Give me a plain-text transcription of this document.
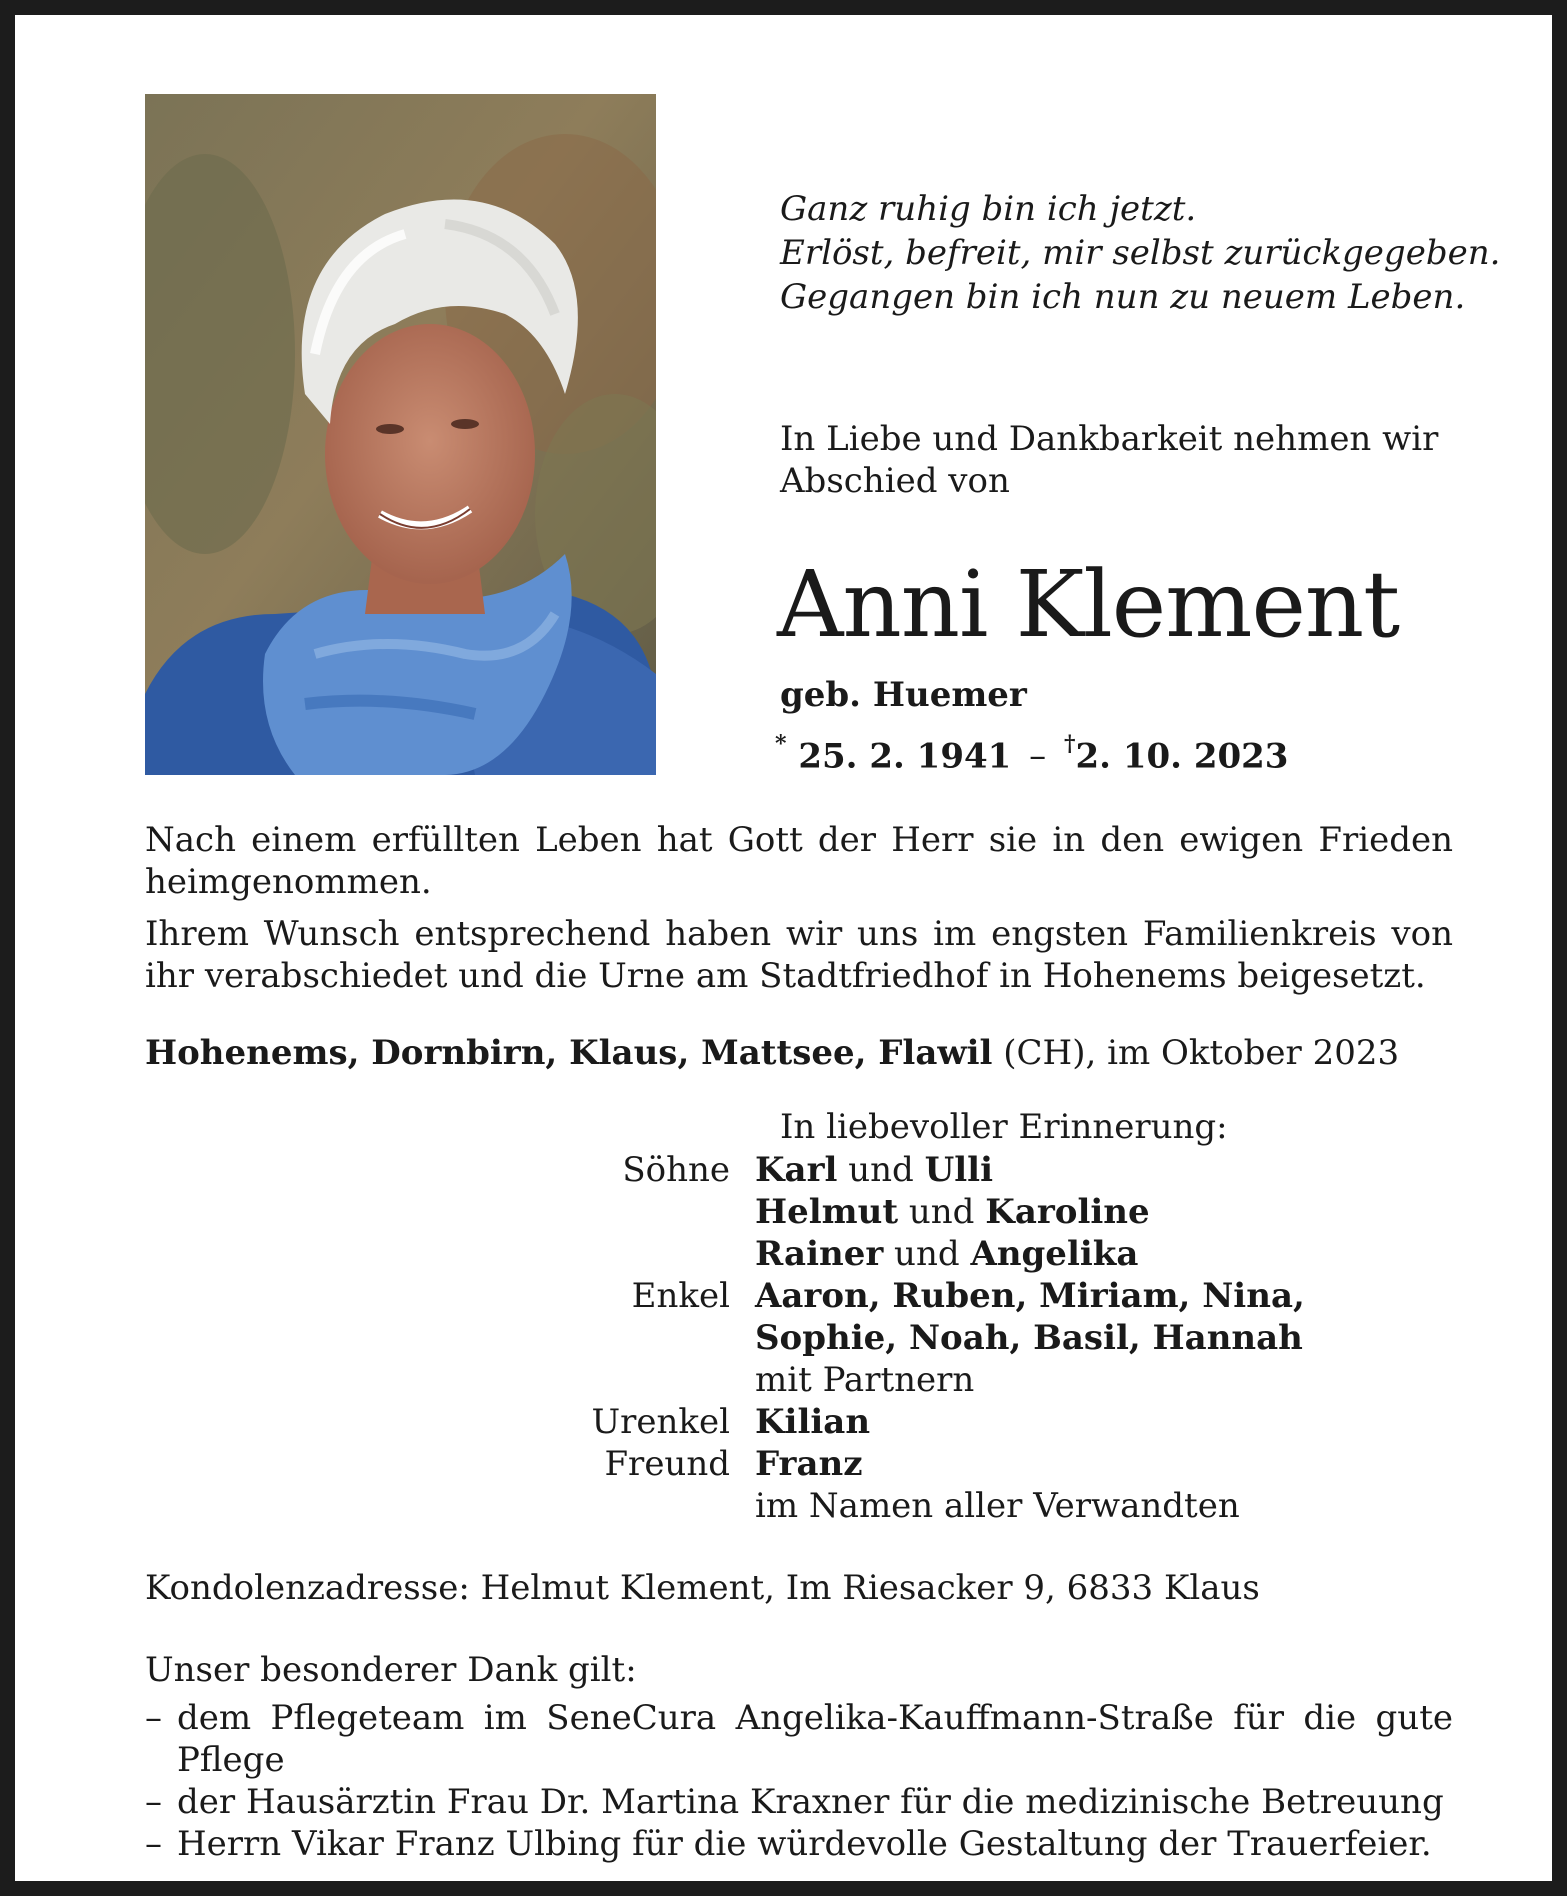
Ganz ruhig bin ich jetzt.
Erlöst, befreit, mir selbst zurückgegeben.
Gegangen bin ich nun zu neuem Leben.
In Liebe und Dankbarkeit nehmen wir
Abschied von
Anni Klement
geb. Huemer
* 25. 2. 1941 – †2. 10. 2023
Nach einem erfüllten Leben hat Gott der Herr sie in den ewigen Frieden heimgenommen.
Ihrem Wunsch entsprechend haben wir uns im engsten Familienkreis von ihr verabschiedet und die Urne am Stadtfriedhof in Hohenems beigesetzt.
Hohenems, Dornbirn, Klaus, Mattsee, Flawil (CH), im Oktober 2023
In liebevoller Erinnerung:
Söhne Karl und Ulli
Helmut und Karoline
Rainer und Angelika
Enkel Aaron, Ruben, Miriam, Nina,
Sophie, Noah, Basil, Hannah
mit Partnern
Urenkel Kilian
Freund Franz
im Namen aller Verwandten
Kondolenzadresse: Helmut Klement, Im Riesacker 9, 6833 Klaus
Unser besonderer Dank gilt:
– dem Pflegeteam im SeneCura Angelika-Kauffmann-Straße für die gute Pflege
– der Hausärztin Frau Dr. Martina Kraxner für die medizinische Betreuung
– Herrn Vikar Franz Ulbing für die würdevolle Gestaltung der Trauerfeier.
